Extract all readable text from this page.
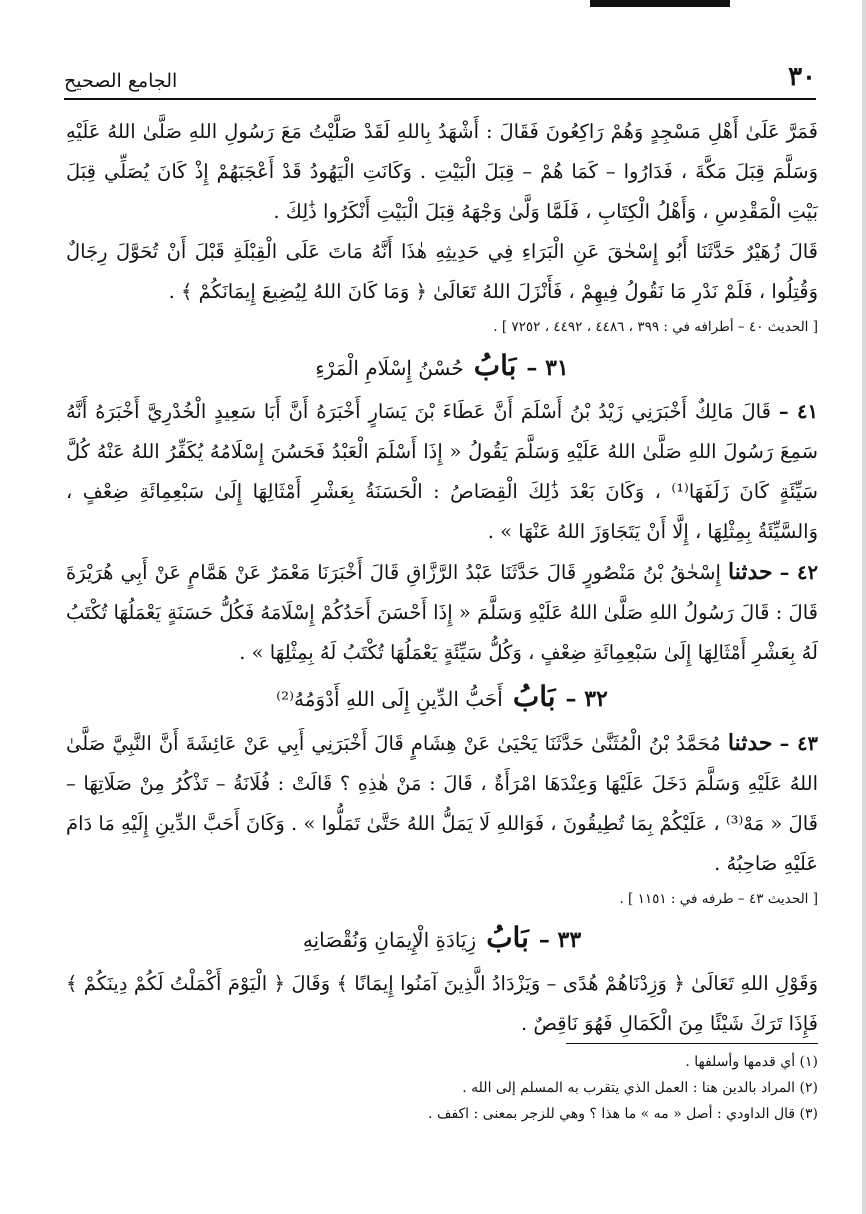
٣٠
الجامع الصحيح

فَمَرَّ عَلَىٰ أَهْلِ مَسْجِدٍ وَهُمْ رَاكِعُونَ فَقَالَ : أَشْهَدُ بِاللهِ لَقَدْ صَلَّيْتُ مَعَ رَسُولِ اللهِ صَلَّىٰ اللهُ عَلَيْهِ وَسَلَّمَ قِبَلَ مَكَّةَ ، فَدَارُوا – كَمَا هُمْ – قِبَلَ الْبَيْتِ . وَكَانَتِ الْيَهُودُ قَدْ أَعْجَبَهُمْ إِذْ كَانَ يُصَلِّي قِبَلَ بَيْتِ الْمَقْدِسِ ، وَأَهْلُ الْكِتَابِ ، فَلَمَّا وَلَّىٰ وَجْهَهُ قِبَلَ الْبَيْتِ أَنْكَرُوا ذَٰلِكَ .

قَالَ زُهَيْرٌ حَدَّثَنَا أَبُو إِسْحٰقَ عَنِ الْبَرَاءِ فِي حَدِيثِهِ هٰذَا أَنَّهُ مَاتَ عَلَى الْقِبْلَةِ قَبْلَ أَنْ تُحَوَّلَ رِجَالٌ وَقُتِلُوا ، فَلَمْ نَدْرِ مَا نَقُولُ فِيهِمْ ، فَأَنْزَلَ اللهُ تَعَالَىٰ ﴿ وَمَا كَانَ اللهُ لِيُضِيعَ إِيمَانَكُمْ ﴾ .

[ الحديث ٤٠ – أطرافه في : ٣٩٩ ، ٤٤٨٦ ، ٤٤٩٢ ، ٧٢٥٢ ] .

٣١ –
بَابُ
حُسْنُ إِسْلَامِ الْمَرْءِ

٤١ – قَالَ مَالِكٌ أَخْبَرَنِي زَيْدُ بْنُ أَسْلَمَ أَنَّ عَطَاءَ بْنَ يَسَارٍ أَخْبَرَهُ أَنَّ أَبَا سَعِيدٍ الْخُدْرِيَّ أَخْبَرَهُ أَنَّهُ سَمِعَ رَسُولَ اللهِ صَلَّىٰ اللهُ عَلَيْهِ وَسَلَّمَ يَقُولُ « إِذَا أَسْلَمَ الْعَبْدُ فَحَسُنَ إِسْلَامُهُ يُكَفِّرُ اللهُ عَنْهُ كُلَّ سَيِّئَةٍ كَانَ زَلَفَهَا⁽¹⁾ ، وَكَانَ بَعْدَ ذَٰلِكَ الْقِصَاصُ : الْحَسَنَةُ بِعَشْرِ أَمْثَالِهَا إِلَىٰ سَبْعِمِائَةِ ضِعْفٍ ، وَالسَّيِّئَةُ بِمِثْلِهَا ، إِلَّا أَنْ يَتَجَاوَزَ اللهُ عَنْهَا » .

٤٢ – حدثنا إِسْحٰقُ بْنُ مَنْصُورٍ قَالَ حَدَّثَنَا عَبْدُ الرَّزَّاقِ قَالَ أَخْبَرَنَا مَعْمَرٌ عَنْ هَمَّامٍ عَنْ أَبِي هُرَيْرَةَ قَالَ : قَالَ رَسُولُ اللهِ صَلَّىٰ اللهُ عَلَيْهِ وَسَلَّمَ « إِذَا أَحْسَنَ أَحَدُكُمْ إِسْلَامَهُ فَكُلُّ حَسَنَةٍ يَعْمَلُهَا تُكْتَبُ لَهُ بِعَشْرِ أَمْثَالِهَا إِلَىٰ سَبْعِمِائَةِ ضِعْفٍ ، وَكُلُّ سَيِّئَةٍ يَعْمَلُهَا تُكْتَبُ لَهُ بِمِثْلِهَا » .

٣٢ –
بَابُ
أَحَبُّ الدِّينِ إِلَى اللهِ أَدْوَمُهُ⁽²⁾

٤٣ – حدثنا مُحَمَّدُ بْنُ الْمُثَنَّىٰ حَدَّثَنَا يَحْيَىٰ عَنْ هِشَامٍ قَالَ أَخْبَرَنِي أَبِي عَنْ عَائِشَةَ أَنَّ النَّبِيَّ صَلَّىٰ اللهُ عَلَيْهِ وَسَلَّمَ دَخَلَ عَلَيْهَا وَعِنْدَهَا امْرَأَةٌ ، قَالَ : مَنْ هٰذِهِ ؟ قَالَتْ : فُلَانَةُ – تَذْكُرُ مِنْ صَلَاتِهَا – قَالَ « مَهْ⁽³⁾ ، عَلَيْكُمْ بِمَا تُطِيقُونَ ، فَوَاللهِ لَا يَمَلُّ اللهُ حَتَّىٰ تَمَلُّوا » . وَكَانَ أَحَبَّ الدِّينِ إِلَيْهِ مَا دَامَ عَلَيْهِ صَاحِبُهُ .

[ الحديث ٤٣ – طرفه في : ١١٥١ ] .

٣٣ –
بَابُ
زِيَادَةِ الْإِيمَانِ وَنُقْصَانِهِ

وَقَوْلِ اللهِ تَعَالَىٰ ﴿ وَزِدْنَاهُمْ هُدًى – وَيَزْدَادُ الَّذِينَ آمَنُوا إِيمَانًا ﴾ وَقَالَ ﴿ الْيَوْمَ أَكْمَلْتُ لَكُمْ دِينَكُمْ ﴾ فَإِذَا تَرَكَ شَيْئًا مِنَ الْكَمَالِ فَهُوَ نَاقِصٌ .

(١) أي قدمها وأسلفها .

(٢) المراد بالدين هنا : العمل الذي يتقرب به المسلم إلى الله .

(٣) قال الداودي : أصل « مه » ما هذا ؟ وهي للزجر بمعنى : اكفف .
